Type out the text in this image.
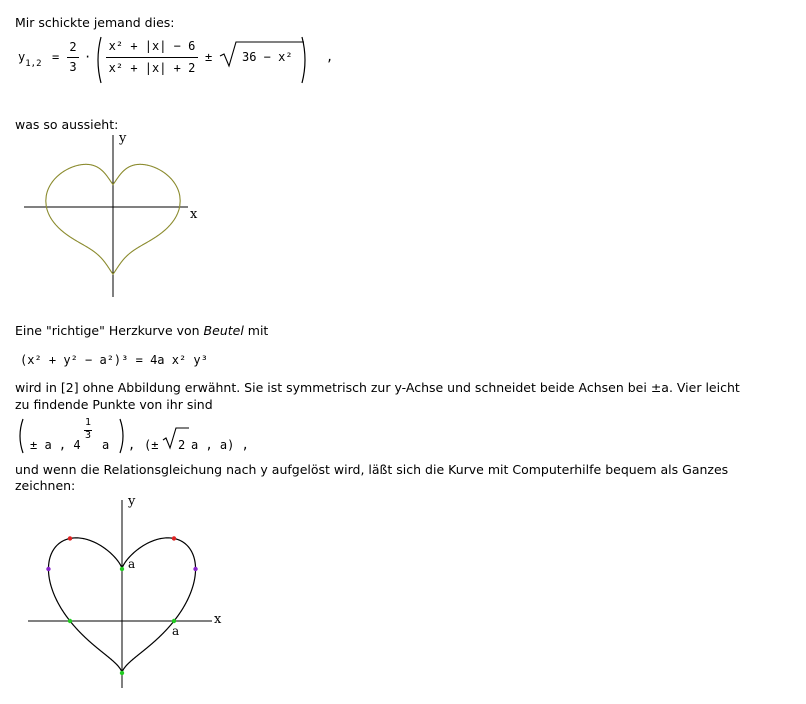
Mir schickte jemand dies:
$y_{1,2}$ =
2
3
·
x² + |x| − 6
x² + |x| + 2
± 36 − x²	,
was so aussieht:
y
x
Eine "richtige" Herzkurve von Beutel mit
(x² + y² − a²)³ = 4a x² y³
wird in [2] ohne Abbildung erwähnt. Sie ist symmetrisch zur y-Achse und schneidet beide Achsen bei ±a. Vier leicht
zu findende Punkte von ihr sind
± a , 4
1
3
a , (± 2 a , a) ,
und wenn die Relationsgleichung nach y aufgelöst wird, läßt sich die Kurve mit Computerhilfe bequem als Ganzes
zeichnen:
y
x
a
a
